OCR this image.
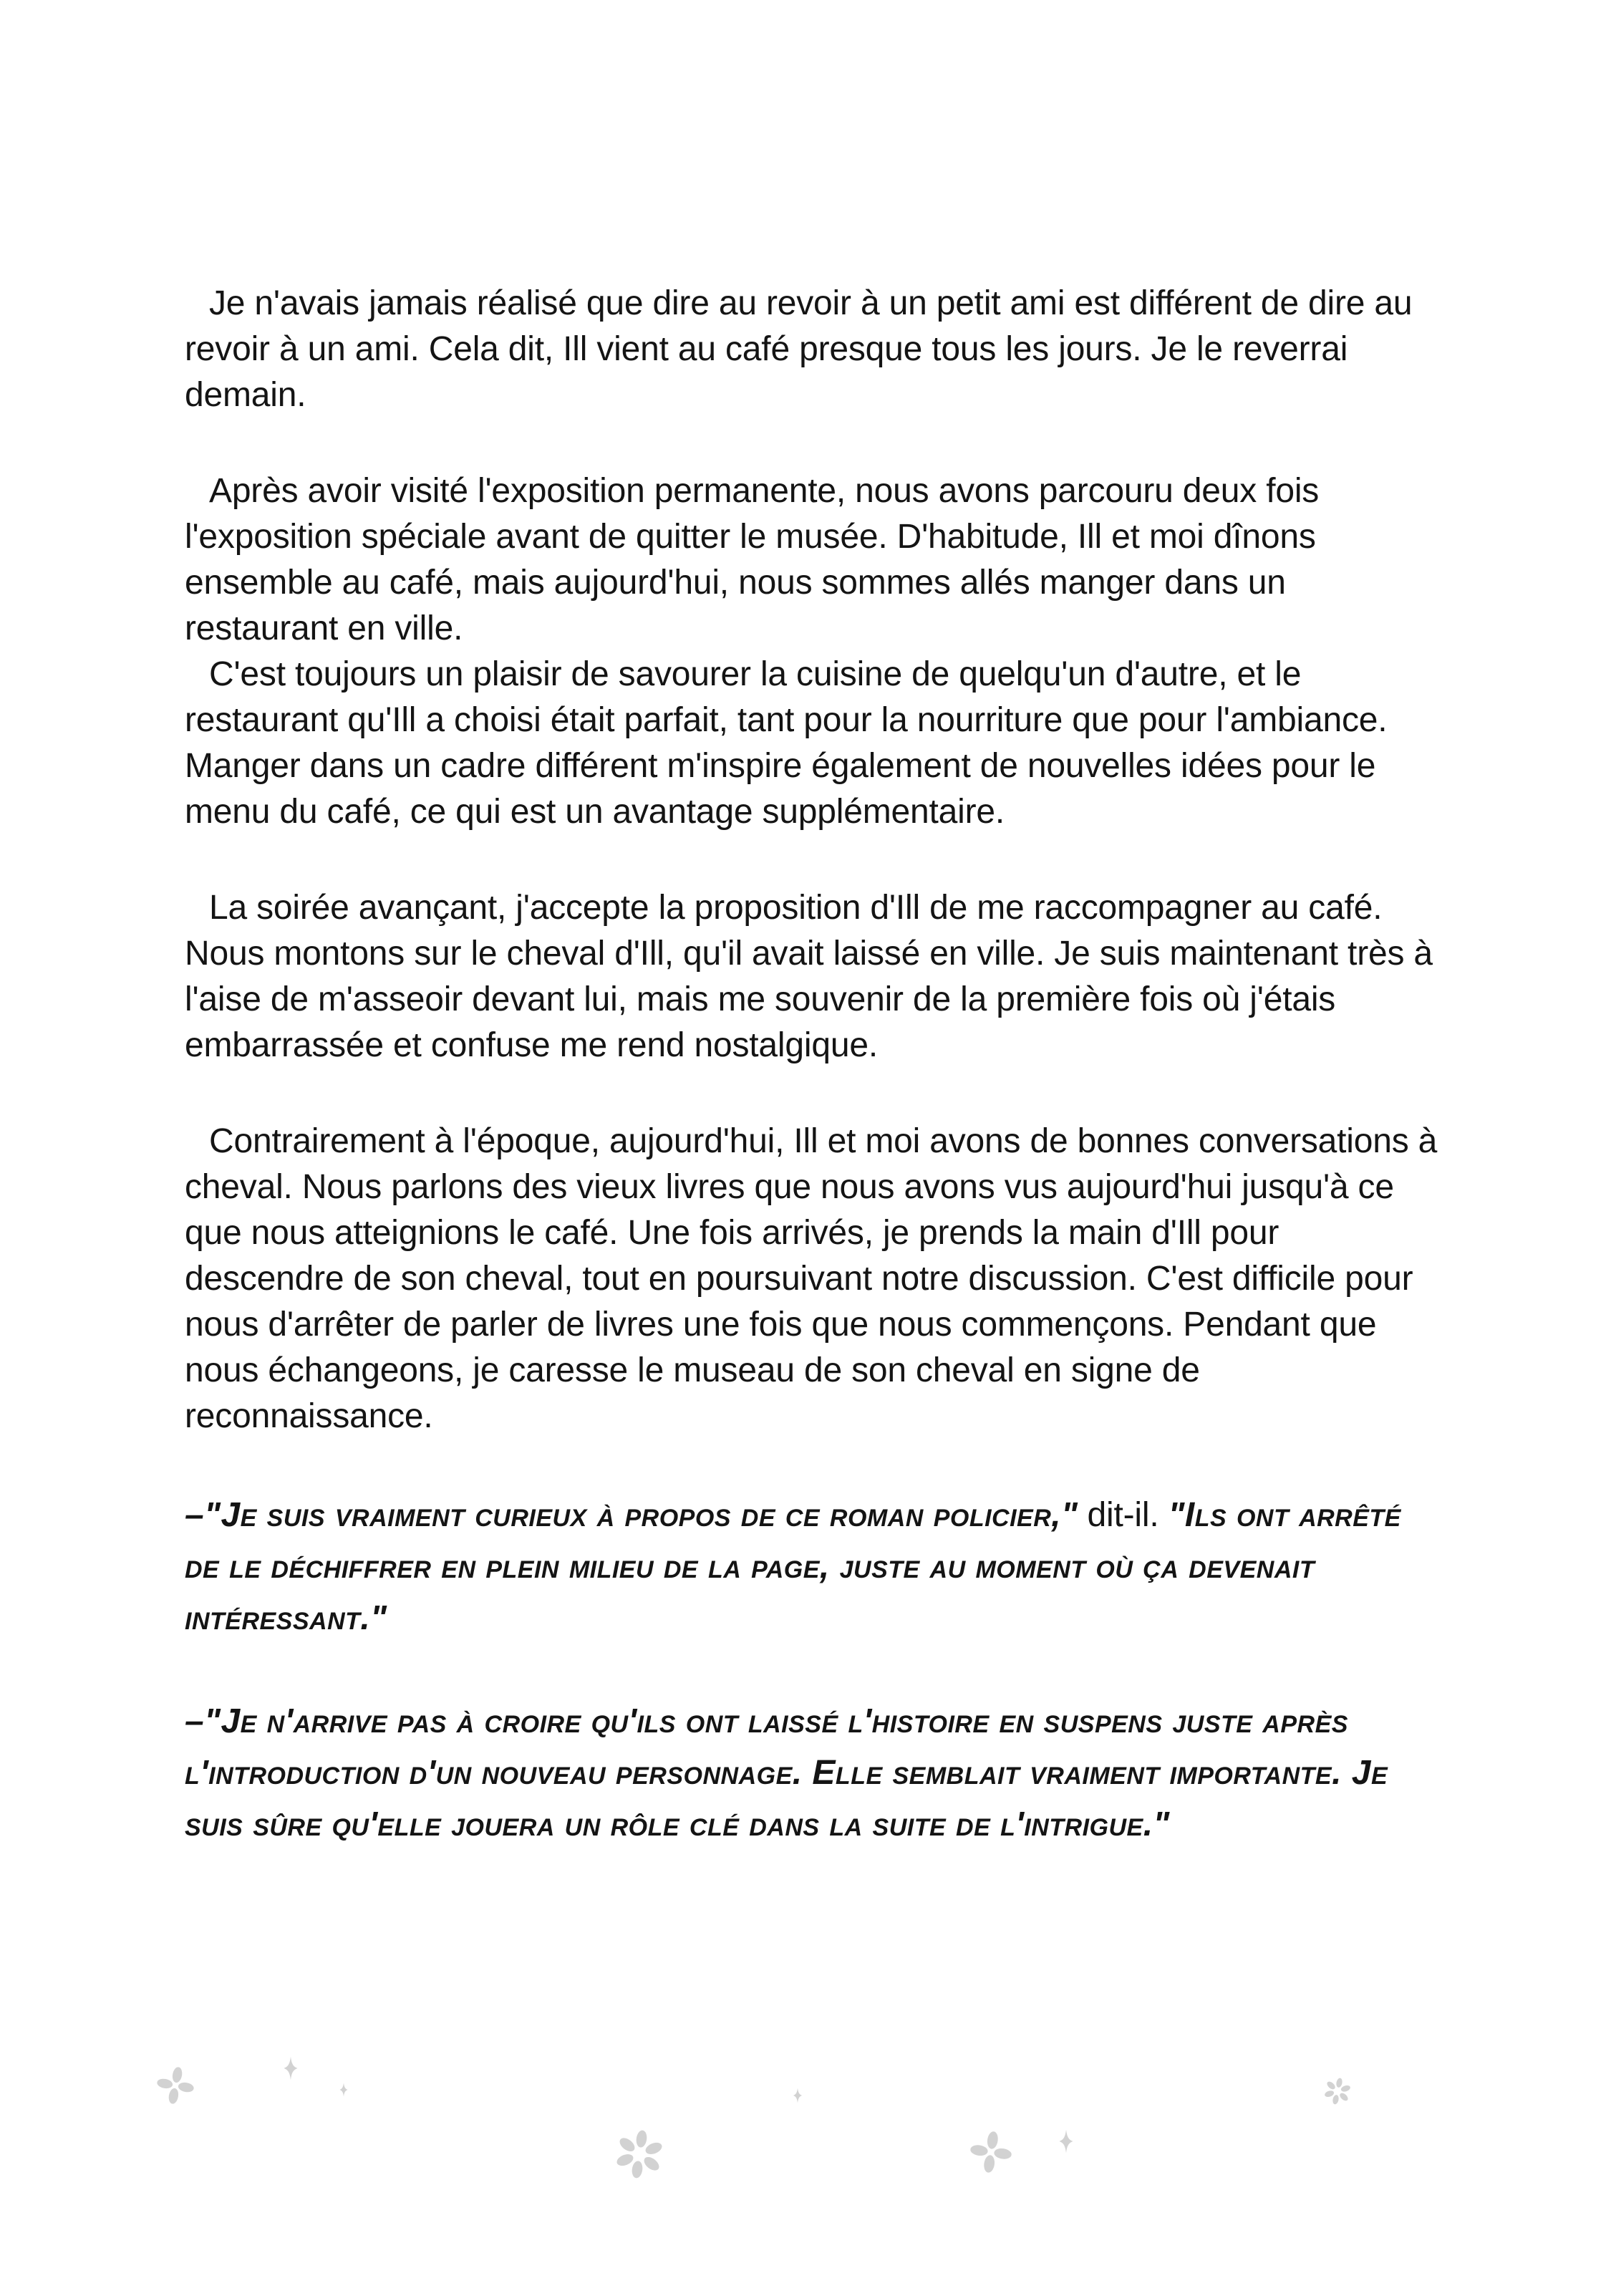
Je n'avais jamais réalisé que dire au revoir à un petit ami est différent de dire au revoir à un ami. Cela dit, Ill vient au café presque tous les jours. Je le reverrai demain.

Après avoir visité l'exposition permanente, nous avons parcouru deux fois l'exposition spéciale avant de quitter le musée. D'habitude, Ill et moi dînons ensemble au café, mais aujourd'hui, nous sommes allés manger dans un restaurant en ville.

C'est toujours un plaisir de savourer la cuisine de quelqu'un d'autre, et le restaurant qu'Ill a choisi était parfait, tant pour la nourriture que pour l'ambiance. Manger dans un cadre différent m'inspire également de nouvelles idées pour le menu du café, ce qui est un avantage supplémentaire.

La soirée avançant, j'accepte la proposition d'Ill de me raccompagner au café. Nous montons sur le cheval d'Ill, qu'il avait laissé en ville. Je suis maintenant très à l'aise de m'asseoir devant lui, mais me souvenir de la première fois où j'étais embarrassée et confuse me rend nostalgique.

Contrairement à l'époque, aujourd'hui, Ill et moi avons de bonnes conversations à cheval. Nous parlons des vieux livres que nous avons vus aujourd'hui jusqu'à ce que nous atteignions le café. Une fois arrivés, je prends la main d'Ill pour descendre de son cheval, tout en poursuivant notre discussion. C'est difficile pour nous d'arrêter de parler de livres une fois que nous commençons. Pendant que nous échangeons, je caresse le museau de son cheval en signe de reconnaissance.

–"Je suis vraiment curieux à propos de ce roman policier," dit-il. "Ils ont arrêté de le déchiffrer en plein milieu de la page, juste au moment où ça devenait intéressant."

–"Je n'arrive pas à croire qu'ils ont laissé l'histoire en suspens juste après l'introduction d'un nouveau personnage. Elle semblait vraiment importante. Je suis sûre qu'elle jouera un rôle clé dans la suite de l'intrigue."
